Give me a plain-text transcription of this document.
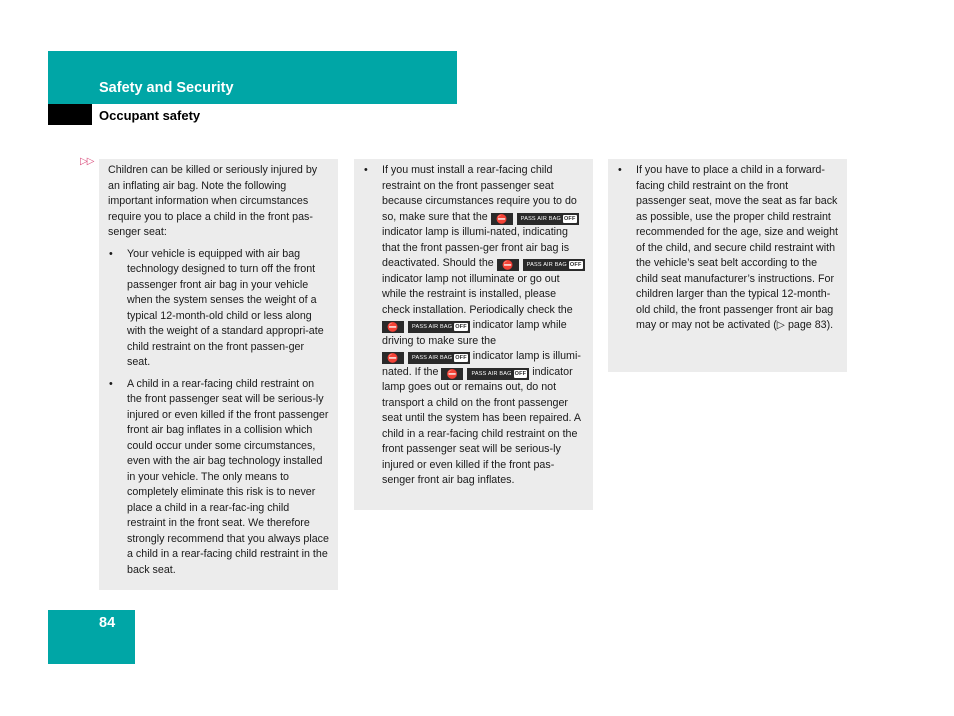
Safety and Security
Occupant safety
▷▷

Children can be killed or seriously injured by an inflating air bag. Note the following important information when circumstances require you to place a child in the front pas-senger seat:

• Your vehicle is equipped with air bag technology designed to turn off the front passenger front air bag in your vehicle when the system senses the weight of a typical 12-month-old child or less along with the weight of a standard appropri-ate child restraint on the front passen-ger seat.
• A child in a rear-facing child restraint on the front passenger seat will be serious-ly injured or even killed if the front passenger front air bag inflates in a collision which could occur under some circumstances, even with the air bag technology installed in your vehicle. The only means to completely eliminate this risk is to never place a child in a rear-fac-ing child restraint in the front seat. We therefore strongly recommend that you always place a child in a rear-facing child restraint in the back seat.
• If you must install a rear-facing child restraint on the front passenger seat because circumstances require you to do so, make sure that the ⛔	PASS AIR BAG OFF
indicator lamp is illumi-nated, indicating that the front passen-ger front air bag is deactivated. Should the ⛔	PASS AIR BAG OFF
indicator lamp not illuminate or go out while the restraint is installed, please check installation. Periodically check the
⛔	PASS AIR BAG OFF indicator lamp while driving to make sure the
⛔	PASS AIR BAG OFF indicator lamp is illumi-nated. If the ⛔	PASS AIR BAG OFF indicator lamp goes out or remains out, do not transport a child on the front passenger seat until the system has been repaired. A child in a rear-facing child restraint on the front passenger seat will be serious-ly injured or even killed if the front pas-senger front air bag inflates.
• If you have to place a child in a forward-facing child restraint on the front passenger seat, move the seat as far back as possible, use the proper child restraint recommended for the age, size and weight of the child, and secure child restraint with the vehicle’s seat belt according to the child seat manufacturer’s instructions. For children larger than the typical 12-month-old child, the front passenger front air bag may or may not be activated (▷ page 83).
84
